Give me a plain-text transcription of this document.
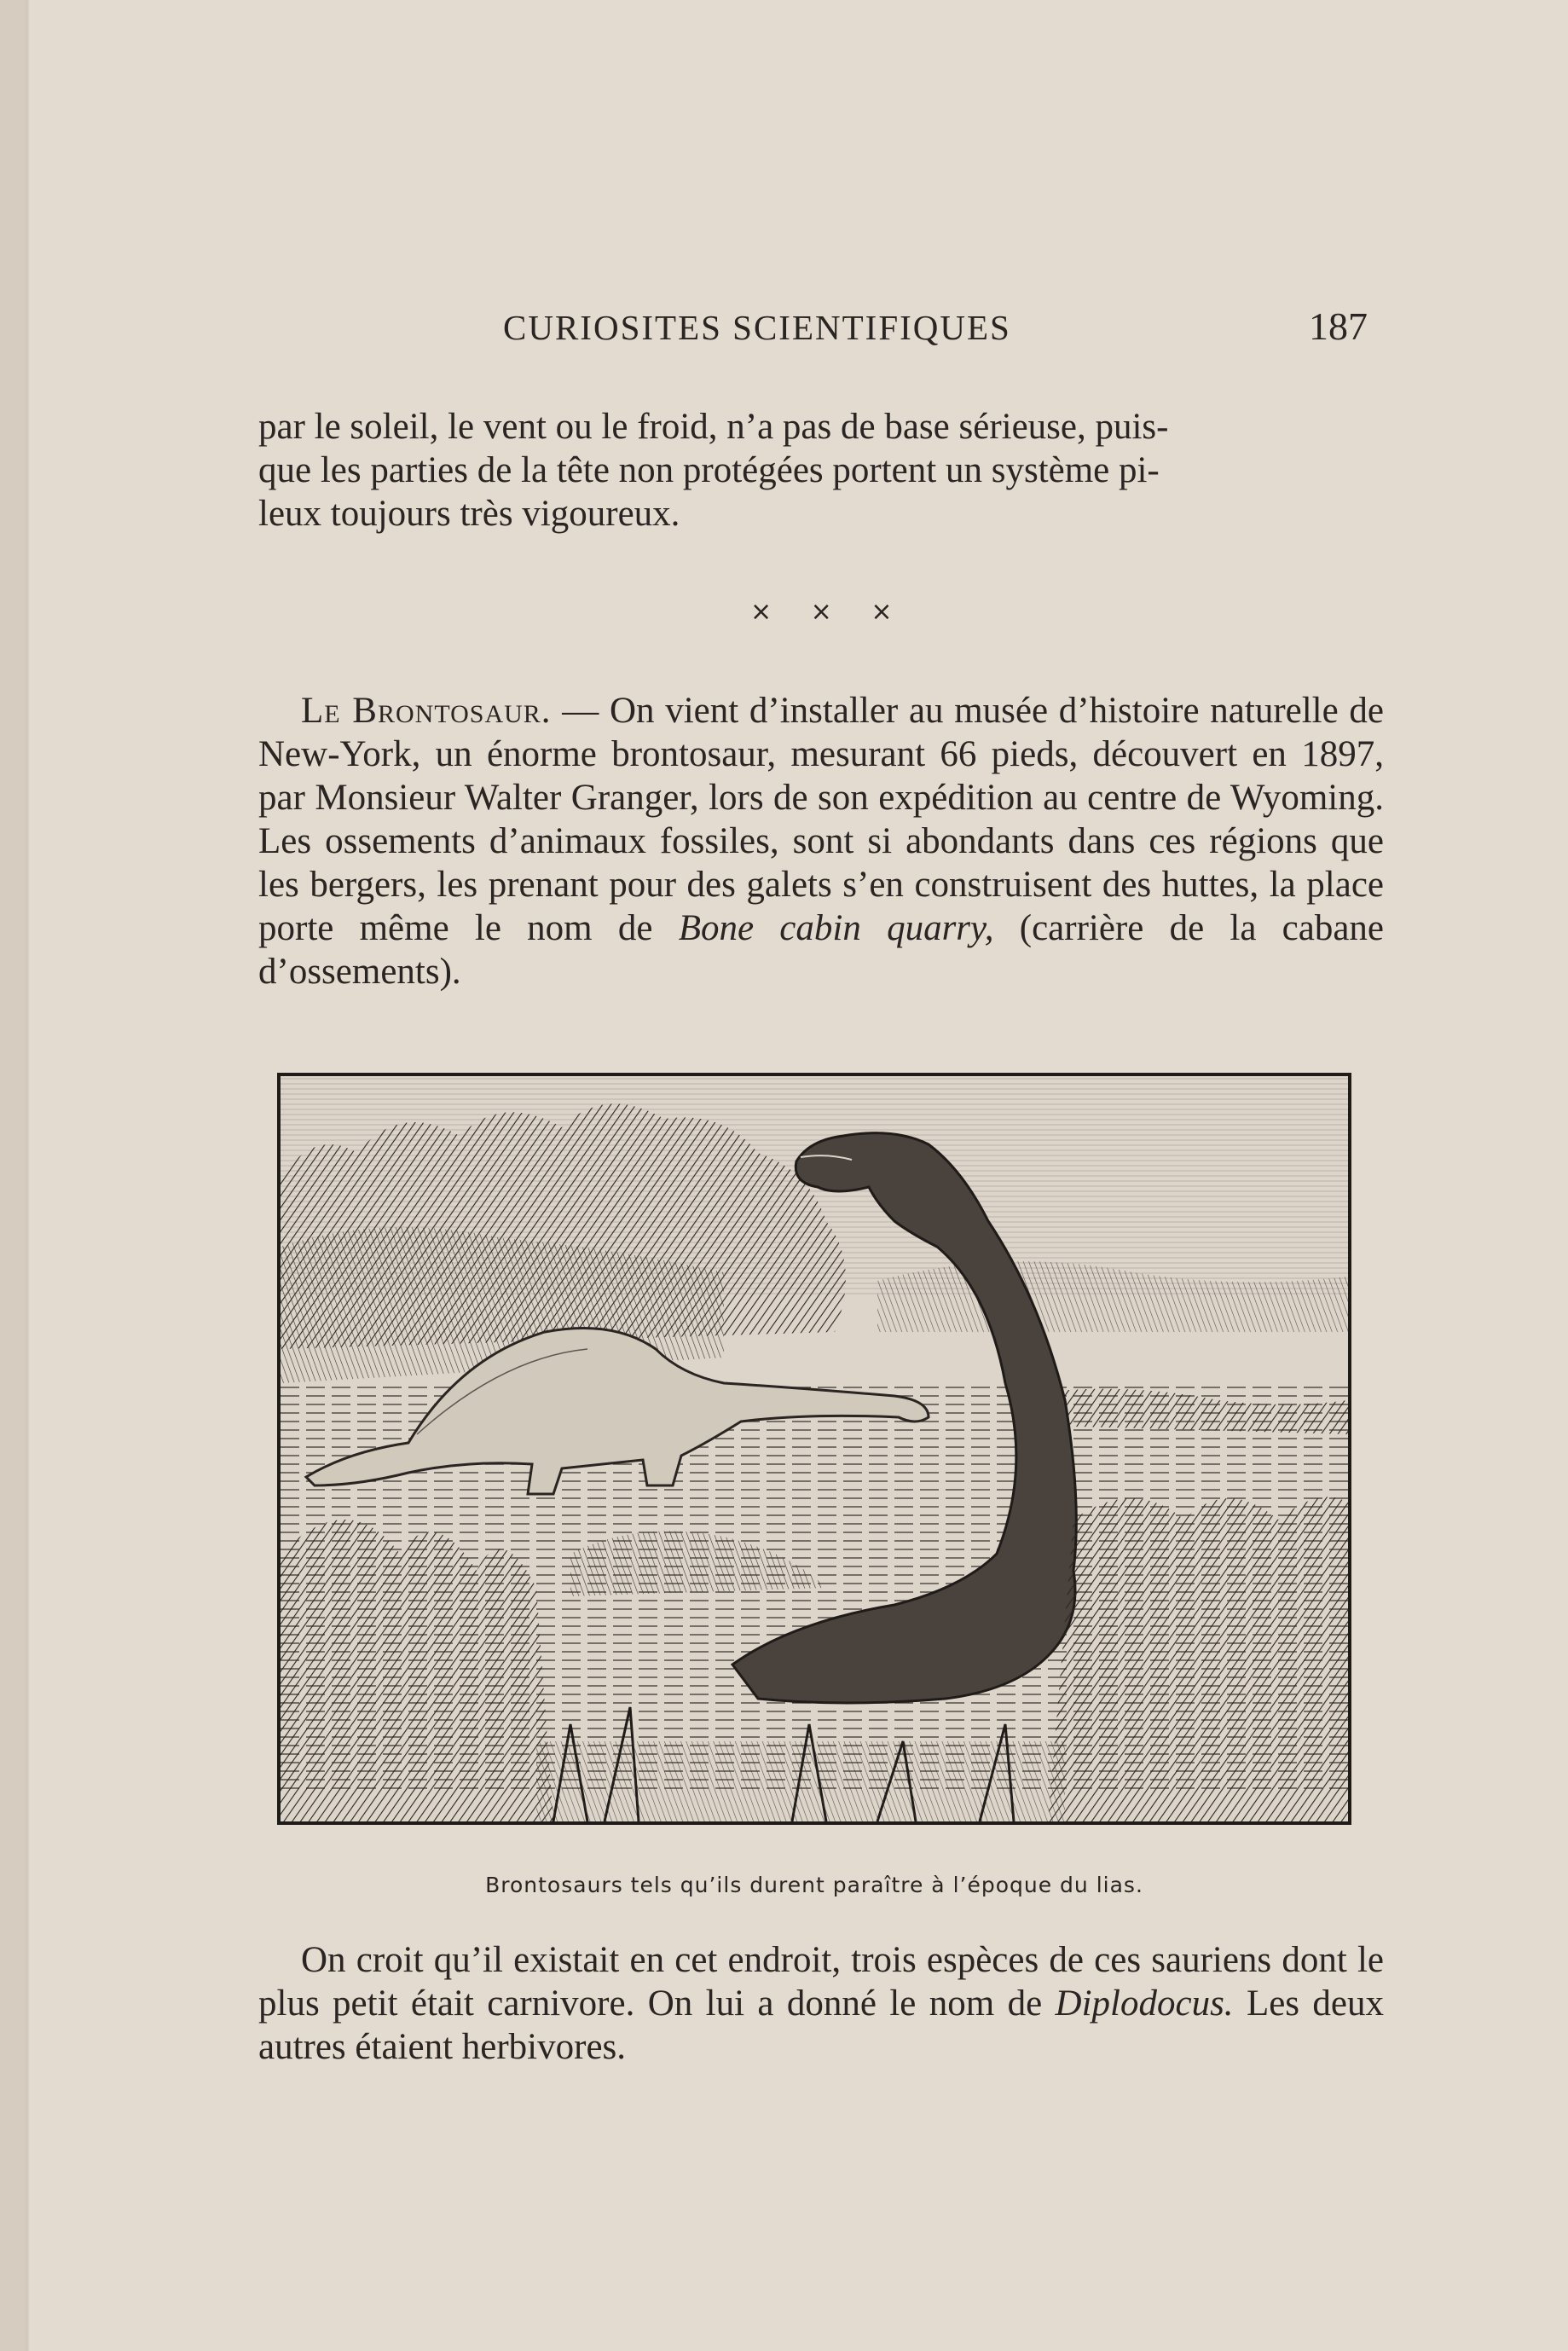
CURIOSITES SCIENTIFIQUES	187

par le soleil, le vent ou le froid, n’a pas de base sérieuse, puis-

que les parties de la tête non protégées portent un système pi-

leux toujours très vigoureux.

× × ×

Le Brontosaur. — On vient d’installer au musée d’histoire naturelle de New-York, un énorme brontosaur, mesurant 66 pieds, découvert en 1897, par Monsieur Walter Granger, lors de son expédition au centre de Wyoming. Les ossements d’animaux fossiles, sont si abondants dans ces régions que les bergers, les prenant pour des galets s’en construisent des huttes, la place porte même le nom de Bone cabin quarry, (carrière de la cabane d’ossements).

Brontosaurs tels qu’ils durent paraître à l’époque du lias.

On croit qu’il existait en cet endroit, trois espèces de ces sauriens dont le plus petit était carnivore. On lui a donné le nom de Diplodocus. Les deux autres étaient herbivores.
